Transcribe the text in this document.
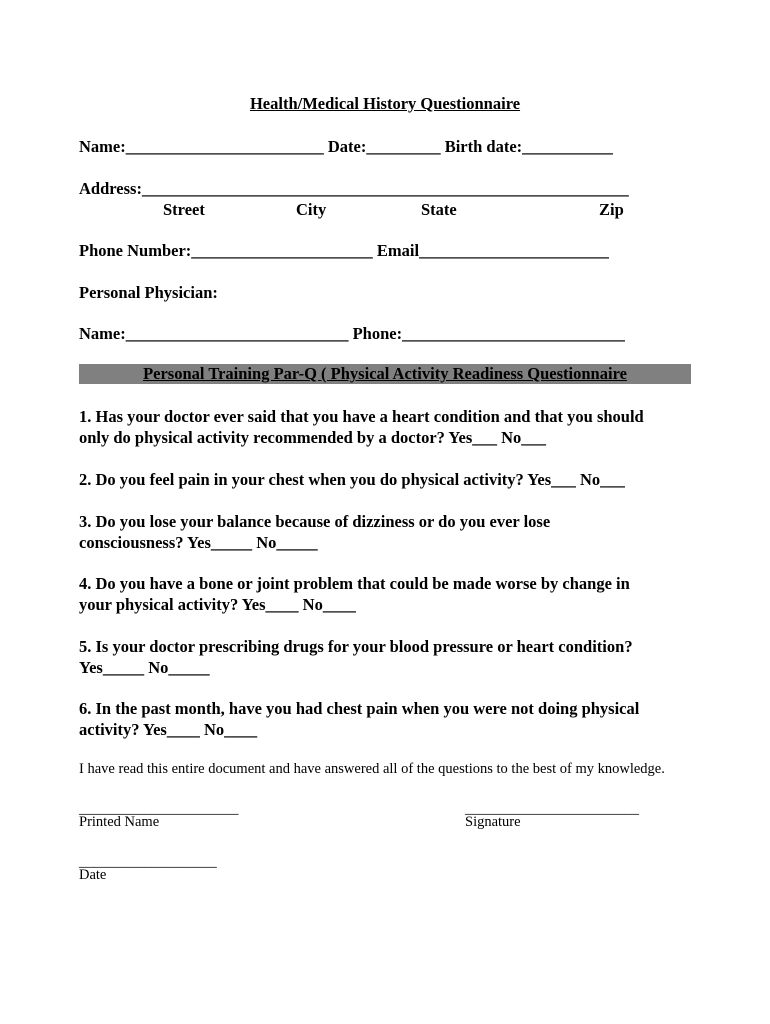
Health/Medical History Questionnaire
Name:________________________ Date:_________ Birth date:___________
Address:___________________________________________________________
Street	City	State	Zip
Phone Number:______________________ Email_______________________
Personal Physician:
Name:___________________________ Phone:___________________________
Personal Training Par-Q ( Physical Activity Readiness Questionnaire
1. Has your doctor ever said that you have a heart condition and that you should
only do physical activity recommended by a doctor? Yes___ No___
2. Do you feel pain in your chest when you do physical activity? Yes___ No___
3. Do you lose your balance because of dizziness or do you ever lose
consciousness? Yes_____ No_____
4. Do you have a bone or joint problem that could be made worse by change in
your physical activity? Yes____ No____
5. Is your doctor prescribing drugs for your blood pressure or heart condition?
Yes_____ No_____
6. In the past month, have you had chest pain when you were not doing physical
activity? Yes____ No____
I have read this entire document and have answered all of the questions to the best of my knowledge.
______________________
Printed Name
________________________
Signature
___________________
Date
